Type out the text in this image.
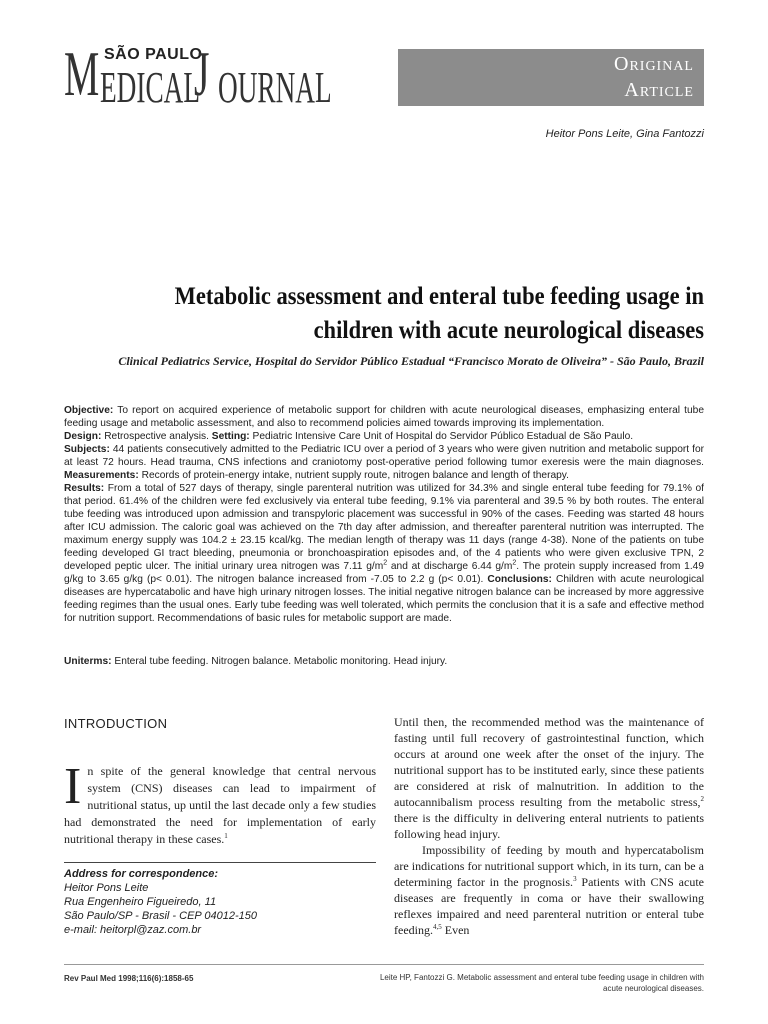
SÃO PAULO
M EDICAL
J OURNAL	Original
Article
Heitor Pons Leite, Gina Fantozzi
Metabolic assessment and enteral tube feeding usage in children with acute neurological diseases
Clinical Pediatrics Service, Hospital do Servidor Público Estadual “Francisco Morato de Oliveira” - São Paulo, Brazil
Objective: To report on acquired experience of metabolic support for children with acute neurological diseases, emphasizing enteral tube feeding usage and metabolic assessment, and also to recommend policies aimed towards improving its implementation.
Design: Retrospective analysis. Setting: Pediatric Intensive Care Unit of Hospital do Servidor Público Estadual de São Paulo.
Subjects: 44 patients consecutively admitted to the Pediatric ICU over a period of 3 years who were given nutrition and metabolic support for at least 72 hours. Head trauma, CNS infections and craniotomy post-operative period following tumor exeresis were the main diagnoses. Measurements: Records of protein-energy intake, nutrient supply route, nitrogen balance and length of therapy.
Results: From a total of 527 days of therapy, single parenteral nutrition was utilized for 34.3% and single enteral tube feeding for 79.1% of that period. 61.4% of the children were fed exclusively via enteral tube feeding, 9.1% via parenteral and 39.5 % by both routes. The enteral tube feeding was introduced upon admission and transpyloric placement was successful in 90% of the cases. Feeding was started 48 hours after ICU admission. The caloric goal was achieved on the 7th day after admission, and thereafter parenteral nutrition was interrupted. The maximum energy supply was 104.2 ± 23.15 kcal/kg. The median length of therapy was 11 days (range 4-38). None of the patients on tube feeding developed GI tract bleeding, pneumonia or bronchoaspiration episodes and, of the 4 patients who were given exclusive TPN, 2 developed peptic ulcer. The initial urinary urea nitrogen was 7.11 $g/m^2$ and at discharge 6.44 $g/m^2$. The protein supply increased from 1.49 g/kg to 3.65 g/kg (p< 0.01). The nitrogen balance increased from -7.05 to 2.2 g (p< 0.01). Conclusions: Children with acute neurological diseases are hypercatabolic and have high urinary nitrogen losses. The initial negative nitrogen balance can be increased by more aggressive feeding regimes than the usual ones. Early tube feeding was well tolerated, which permits the conclusion that it is a safe and effective method for nutrition support. Recommendations of basic rules for metabolic support are made.
Uniterms: Enteral tube feeding. Nitrogen balance. Metabolic monitoring. Head injury.
INTRODUCTION
In spite of the general knowledge that central nervous system (CNS) diseases can lead to impairment of nutritional status, up until the last decade only a few studies had demonstrated the need for implementation of early nutritional therapy in these cases.$^1$
Address for correspondence:
Heitor Pons Leite
Rua Engenheiro Figueiredo, 11
São Paulo/SP - Brasil - CEP 04012-150
e-mail: heitorpl@zaz.com.br
Until then, the recommended method was the maintenance of fasting until full recovery of gastrointestinal function, which occurs at around one week after the onset of the injury. The nutritional support has to be instituted early, since these patients are considered at risk of malnutrition. In addition to the autocannibalism process resulting from the metabolic stress,$^2$ there is the difficulty in delivering enteral nutrients to patients following head injury.
Impossibility of feeding by mouth and hypercatabolism are indications for nutritional support which, in its turn, can be a determining factor in the prognosis.$^3$ Patients with CNS acute diseases are frequently in coma or have their swallowing reflexes impaired and need parenteral nutrition or enteral tube feeding.$^{4,5}$ Even
Rev Paul Med 1998;116(6):1858-65	Leite HP, Fantozzi G. Metabolic assessment and enteral tube feeding usage in children with acute neurological diseases.
